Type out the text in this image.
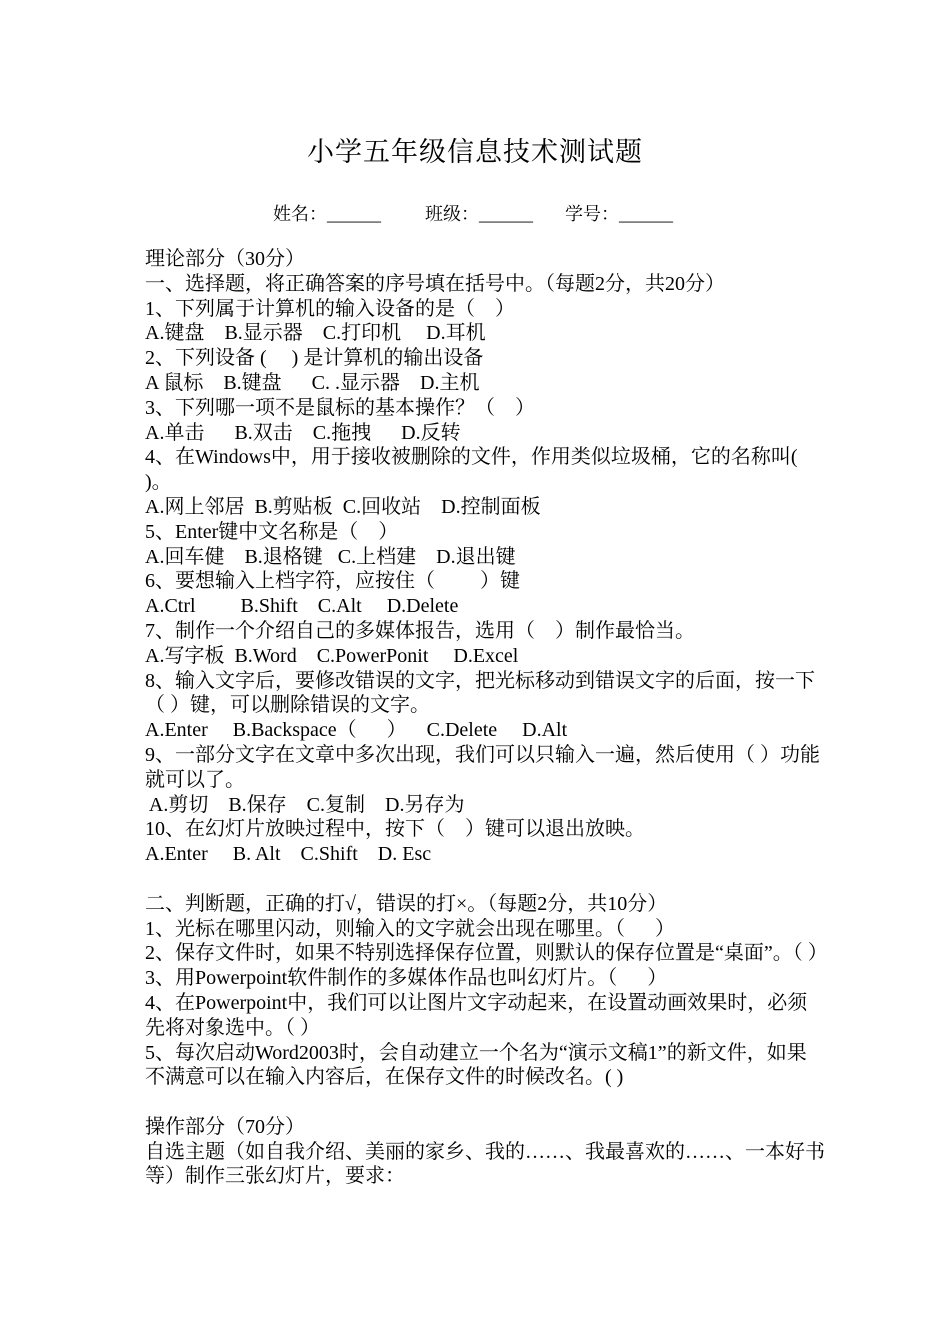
小学五年级信息技术测试题
姓名：______	班级：______	学号：______
理论部分（30分）
一、选择题，将正确答案的序号填在括号中。（每题2分，共20分）
1、下列属于计算机的输入设备的是（    ）
A.键盘    B.显示器    C.打印机     D.耳机
2、下列设备 (     ) 是计算机的输出设备
A 鼠标    B.键盘      C. .显示器    D.主机
3、下列哪一项不是鼠标的基本操作？（    ）
A.单击      B.双击    C.拖拽      D.反转
4、在Windows中，用于接收被删除的文件，作用类似垃圾桶，它的名称叫( )。
A.网上邻居  B.剪贴板  C.回收站    D.控制面板
5、Enter键中文名称是（    ）
A.回车健    B.退格键   C.上档建    D.退出键
6、要想输入上档字符，应按住（         ）键
A.Ctrl         B.Shift    C.Alt     D.Delete
7、制作一个介绍自己的多媒体报告，选用（    ）制作最恰当。
A.写字板  B.Word    C.PowerPonit     D.Excel
8、输入文字后，要修改错误的文字，把光标移动到错误文字的后面，按一下（ ）键，可以删除错误的文字。
A.Enter     B.Backspace（      ）    C.Delete     D.Alt
9、一部分文字在文章中多次出现，我们可以只输入一遍，然后使用（ ）功能就可以了。
A.剪切    B.保存    C.复制    D.另存为
10、在幻灯片放映过程中，按下（    ）键可以退出放映。
A.Enter     B. Alt    C.Shift    D. Esc
二、判断题，正确的打√，错误的打×。（每题2分，共10分）
1、光标在哪里闪动，则输入的文字就会出现在哪里。（      ）
2、保存文件时，如果不特别选择保存位置，则默认的保存位置是“桌面”。（ ）
3、用Powerpoint软件制作的多媒体作品也叫幻灯片。（      ）
4、在Powerpoint中，我们可以让图片文字动起来，在设置动画效果时，必须先将对象选中。（ ）
5、每次启动Word2003时，会自动建立一个名为“演示文稿1”的新文件，如果不满意可以在输入内容后，在保存文件的时候改名。( )
操作部分（70分）
自选主题（如自我介绍、美丽的家乡、我的……、我最喜欢的……、一本好书等）制作三张幻灯片，要求：
